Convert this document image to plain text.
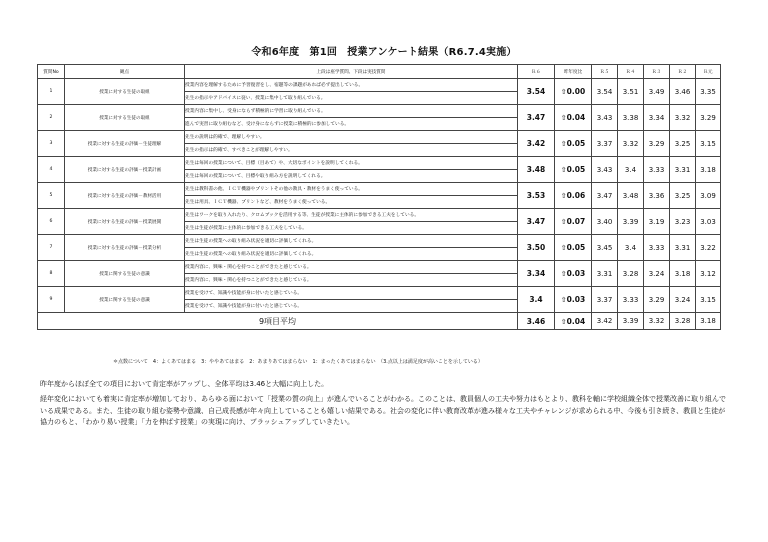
令和6年度　第1回　授業アンケート結果（R6.7.4実施）
質問No	観点	上段は座学質問、下段は実技質問	Ｒ６	昨年度比	Ｒ５	Ｒ４	Ｒ３	Ｒ２	Ｒ元
1	授業に対する生徒の取組	授業内容を理解するために予習復習をし、宿題等の課題があれば必ず提出している。	3.54	⇧0.00	3.54	3.51	3.49	3.46	3.35
		先生の指示やアドバイスに従い、授業に集中して取り組んでいる。							
2	授業に対する生徒の取組	授業内容に集中し、受身にならず積極的に学習に取り組んでいる。	3.47	⇧0.04	3.43	3.38	3.34	3.32	3.29
		進んで実習に取り組むなど、受け身にならずに授業に積極的に参加している。							
3	授業に対する生徒の評価－生徒理解	先生の説明は的確で、理解しやすい。	3.42	⇧0.05	3.37	3.32	3.29	3.25	3.15
		先生の指示は的確で、すべきことが理解しやすい。							
4	授業に対する生徒の評価－授業計画	先生は毎回の授業について、目標（目あて）や、大切なポイントを説明してくれる。	3.48	⇧0.05	3.43	3.4	3.33	3.31	3.18
		先生は毎回の授業について、目標や取り組み方を説明してくれる。							
5	授業に対する生徒の評価－教材活用	先生は教科書の他、ＩＣＴ機器やプリントその他の教具・教材をうまく使っている。	3.53	⇧0.06	3.47	3.48	3.36	3.25	3.09
		先生は用具、ＩＣＴ機器、プリントなど、教材をうまく使っている。							
6	授業に対する生徒の評価－授業展開	先生はワークを取り入れたり、クロムブックを活用する等、生徒が授業に主体的に参加できる工夫をしている。	3.47	⇧0.07	3.40	3.39	3.19	3.23	3.03
		先生は生徒が授業に主体的に参加できる工夫をしている。							
7	授業に対する生徒の評価－授業分析	先生は生徒の授業への取り組み状況を適切に評価してくれる。	3.50	⇧0.05	3.45	3.4	3.33	3.31	3.22
		先生は生徒の授業への取り組み状況を適切に評価してくれる。							
8	授業に関する生徒の意識	授業内容に、興味・関心を持つことができたと感じている。	3.34	⇧0.03	3.31	3.28	3.24	3.18	3.12
		授業内容に、興味・関心を持つことができたと感じている。							
9	授業に関する生徒の意識	授業を受けて、知識や技能が身に付いたと感じている。	3.4	⇧0.03	3.37	3.33	3.29	3.24	3.15
		授業を受けて、知識や技能が身に付いたと感じている。							
9項目平均			3.46	⇧0.04	3.42	3.39	3.32	3.28	3.18
＊点数について　4：よくあてはまる　3：ややあてはまる　2：あまりあてはまらない　1：まったくあてはまらない　（3.点以上は満足度が高いことを示している）
昨年度からほぼ全ての項目において肯定率がアップし、全体平均は3.46と大幅に向上した。
経年変化においても着実に肯定率が増加しており、あらゆる面において「授業の質の向上」が進んでいることがわかる。このことは、教員個人の工夫や努力はもとより、教科を軸に学校組織全体で授業改善に取り組んでいる成果である。また、生徒の取り組む姿勢や意識、自己成長感が年々向上していることも嬉しい結果である。社会の変化に伴い教育改革が進み様々な工夫やチャレンジが求められる中、今後も引き続き、教員と生徒が協力のもと、「わかり易い授業」「力を伸ばす授業」の実現に向け、ブラッシュアップしていきたい。
